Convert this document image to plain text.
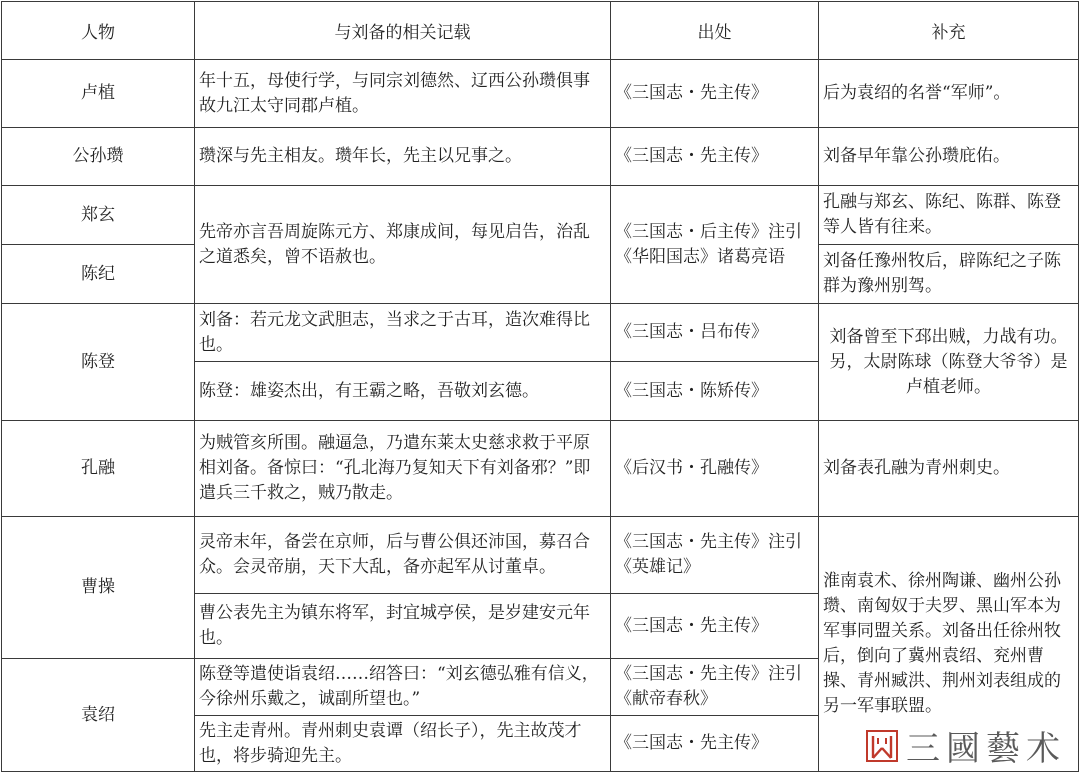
人物	与刘备的相关记载	出处	补充
卢植	年十五，母使行学，与同宗刘德然、辽西公孙瓒俱事故九江太守同郡卢植。	《三国志・先主传》	后为袁绍的名誉“军师”。
公孙瓒	瓒深与先主相友。瓒年长，先主以兄事之。	《三国志・先主传》	刘备早年靠公孙瓒庇佑。
郑玄	先帝亦言吾周旋陈元方、郑康成间，每见启告，治乱之道悉矣，曾不语赦也。	《三国志・后主传》注引《华阳国志》诸葛亮语	孔融与郑玄、陈纪、陈群、陈登等人皆有往来。
陈纪			刘备任豫州牧后，辟陈纪之子陈群为豫州别驾。
陈登	刘备：若元龙文武胆志，当求之于古耳，造次难得比也。	《三国志・吕布传》	刘备曾至下邳出贼，力战有功。另，太尉陈球（陈登大爷爷）是卢植老师。
	陈登：雄姿杰出，有王霸之略，吾敬刘玄德。	《三国志・陈矫传》	
孔融	为贼管亥所围。融逼急，乃遣东莱太史慈求救于平原相刘备。备惊曰：“孔北海乃复知天下有刘备邪？”即遣兵三千救之，贼乃散走。	《后汉书・孔融传》	刘备表孔融为青州刺史。
曹操	灵帝末年，备尝在京师，后与曹公俱还沛国，募召合众。会灵帝崩，天下大乱，备亦起军从讨董卓。	《三国志・先主传》注引《英雄记》	淮南袁术、徐州陶谦、幽州公孙瓒、南匈奴于夫罗、黑山军本为军事同盟关系。刘备出任徐州牧后，倒向了冀州袁绍、兖州曹操、青州臧洪、荆州刘表组成的另一军事联盟。
	曹公表先主为镇东将军，封宜城亭侯，是岁建安元年也。	《三国志・先主传》	
袁绍	陈登等遣使诣袁绍……绍答曰：“刘玄德弘雅有信义，今徐州乐戴之，诚副所望也。”	《三国志・先主传》注引《献帝春秋》	
	先主走青州。青州刺史袁谭（绍长子），先主故茂才也，将步骑迎先主。	《三国志・先主传》		三國藝术
